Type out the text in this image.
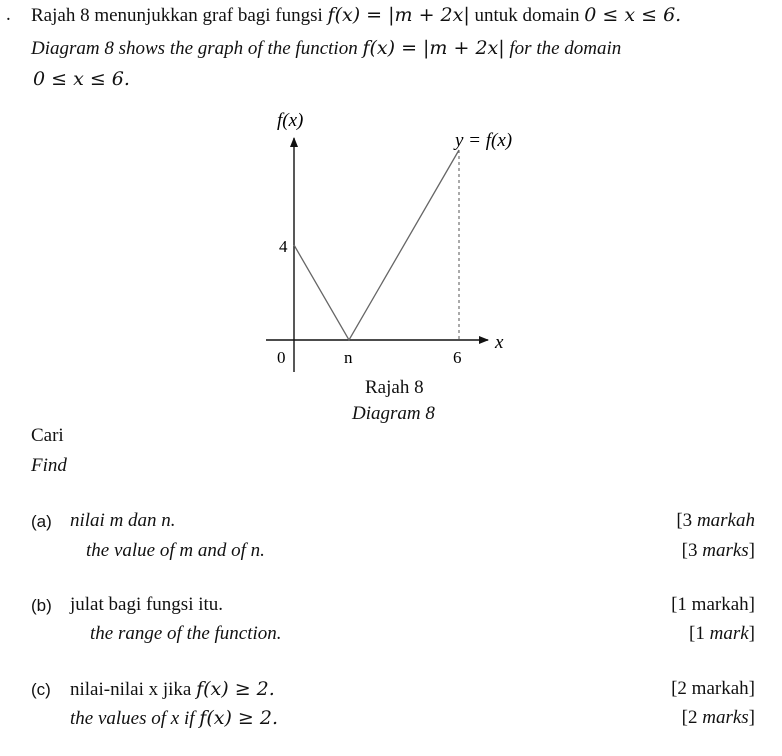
. Rajah 8 menunjukkan graf bagi fungsi f(x) = |m + 2x| untuk domain 0 ≤ x ≤ 6.
Diagram 8 shows the graph of the function f(x) = |m + 2x| for the domain
0 ≤ x ≤ 6.
f(x)
y = f(x)
x
4
0	n	6
Rajah 8
Diagram 8
Cari
Find
(a) nilai m dan n.	[3 markah
the value of m and of n.	[3 marks]
(b) julat bagi fungsi itu.	[1 markah]
the range of the function.	[1 mark]
(c) nilai-nilai x jika f(x) ≥ 2.	[2 markah]
the values of x if f(x) ≥ 2.	[2 marks]
